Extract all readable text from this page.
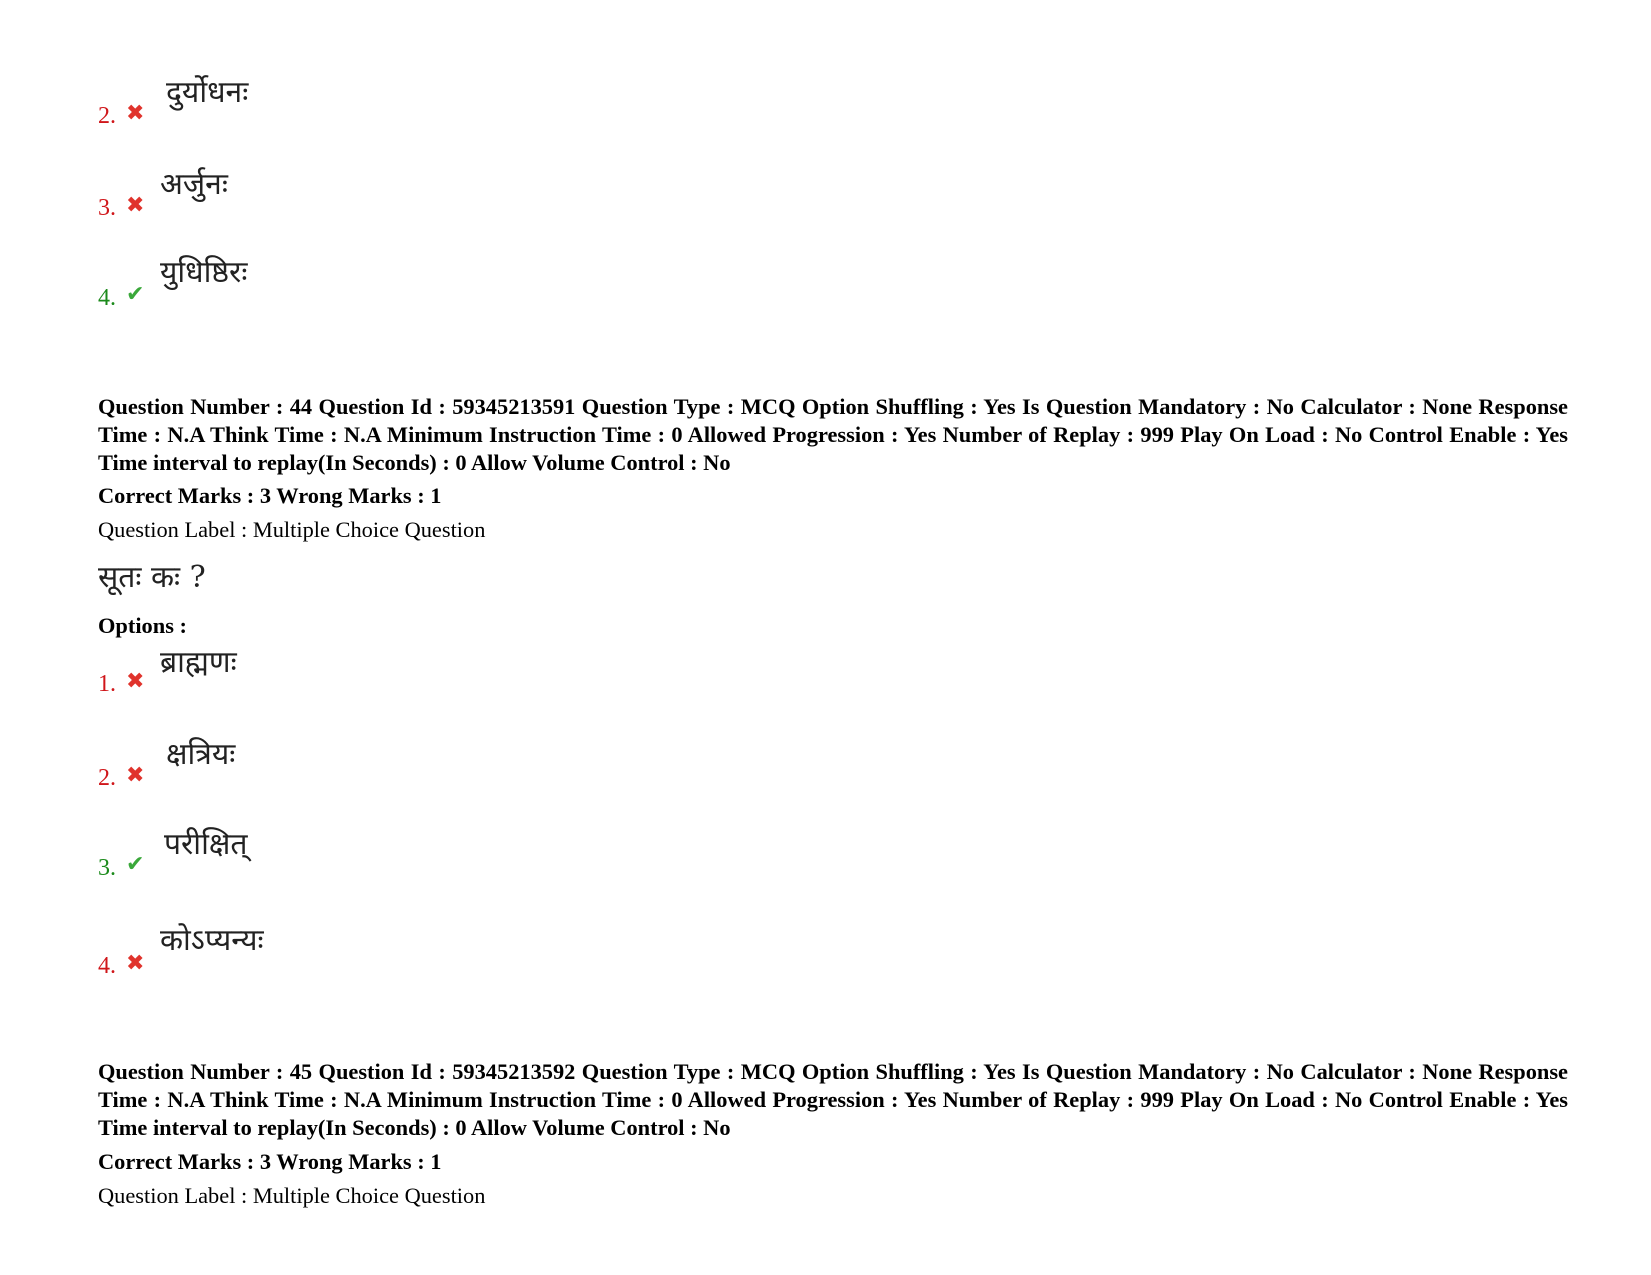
2. ✖
दुर्योधनः
3. ✖
अर्जुनः
4. ✔
युधिष्ठिरः
Question Number : 44 Question Id : 59345213591 Question Type : MCQ Option Shuffling : Yes Is Question Mandatory : No Calculator : None Response Time : N.A Think Time : N.A Minimum Instruction Time : 0 Allowed Progression : Yes Number of Replay : 999 Play On Load : No Control Enable : Yes Time interval to replay(In Seconds) : 0 Allow Volume Control : No
Correct Marks : 3 Wrong Marks : 1
Question Label : Multiple Choice Question
सूतः कः ?
Options :
1. ✖
ब्राह्मणः
2. ✖
क्षत्रियः
3. ✔
परीक्षित्
4. ✖
कोऽप्यन्यः
Question Number : 45 Question Id : 59345213592 Question Type : MCQ Option Shuffling : Yes Is Question Mandatory : No Calculator : None Response Time : N.A Think Time : N.A Minimum Instruction Time : 0 Allowed Progression : Yes Number of Replay : 999 Play On Load : No Control Enable : Yes Time interval to replay(In Seconds) : 0 Allow Volume Control : No
Correct Marks : 3 Wrong Marks : 1
Question Label : Multiple Choice Question
